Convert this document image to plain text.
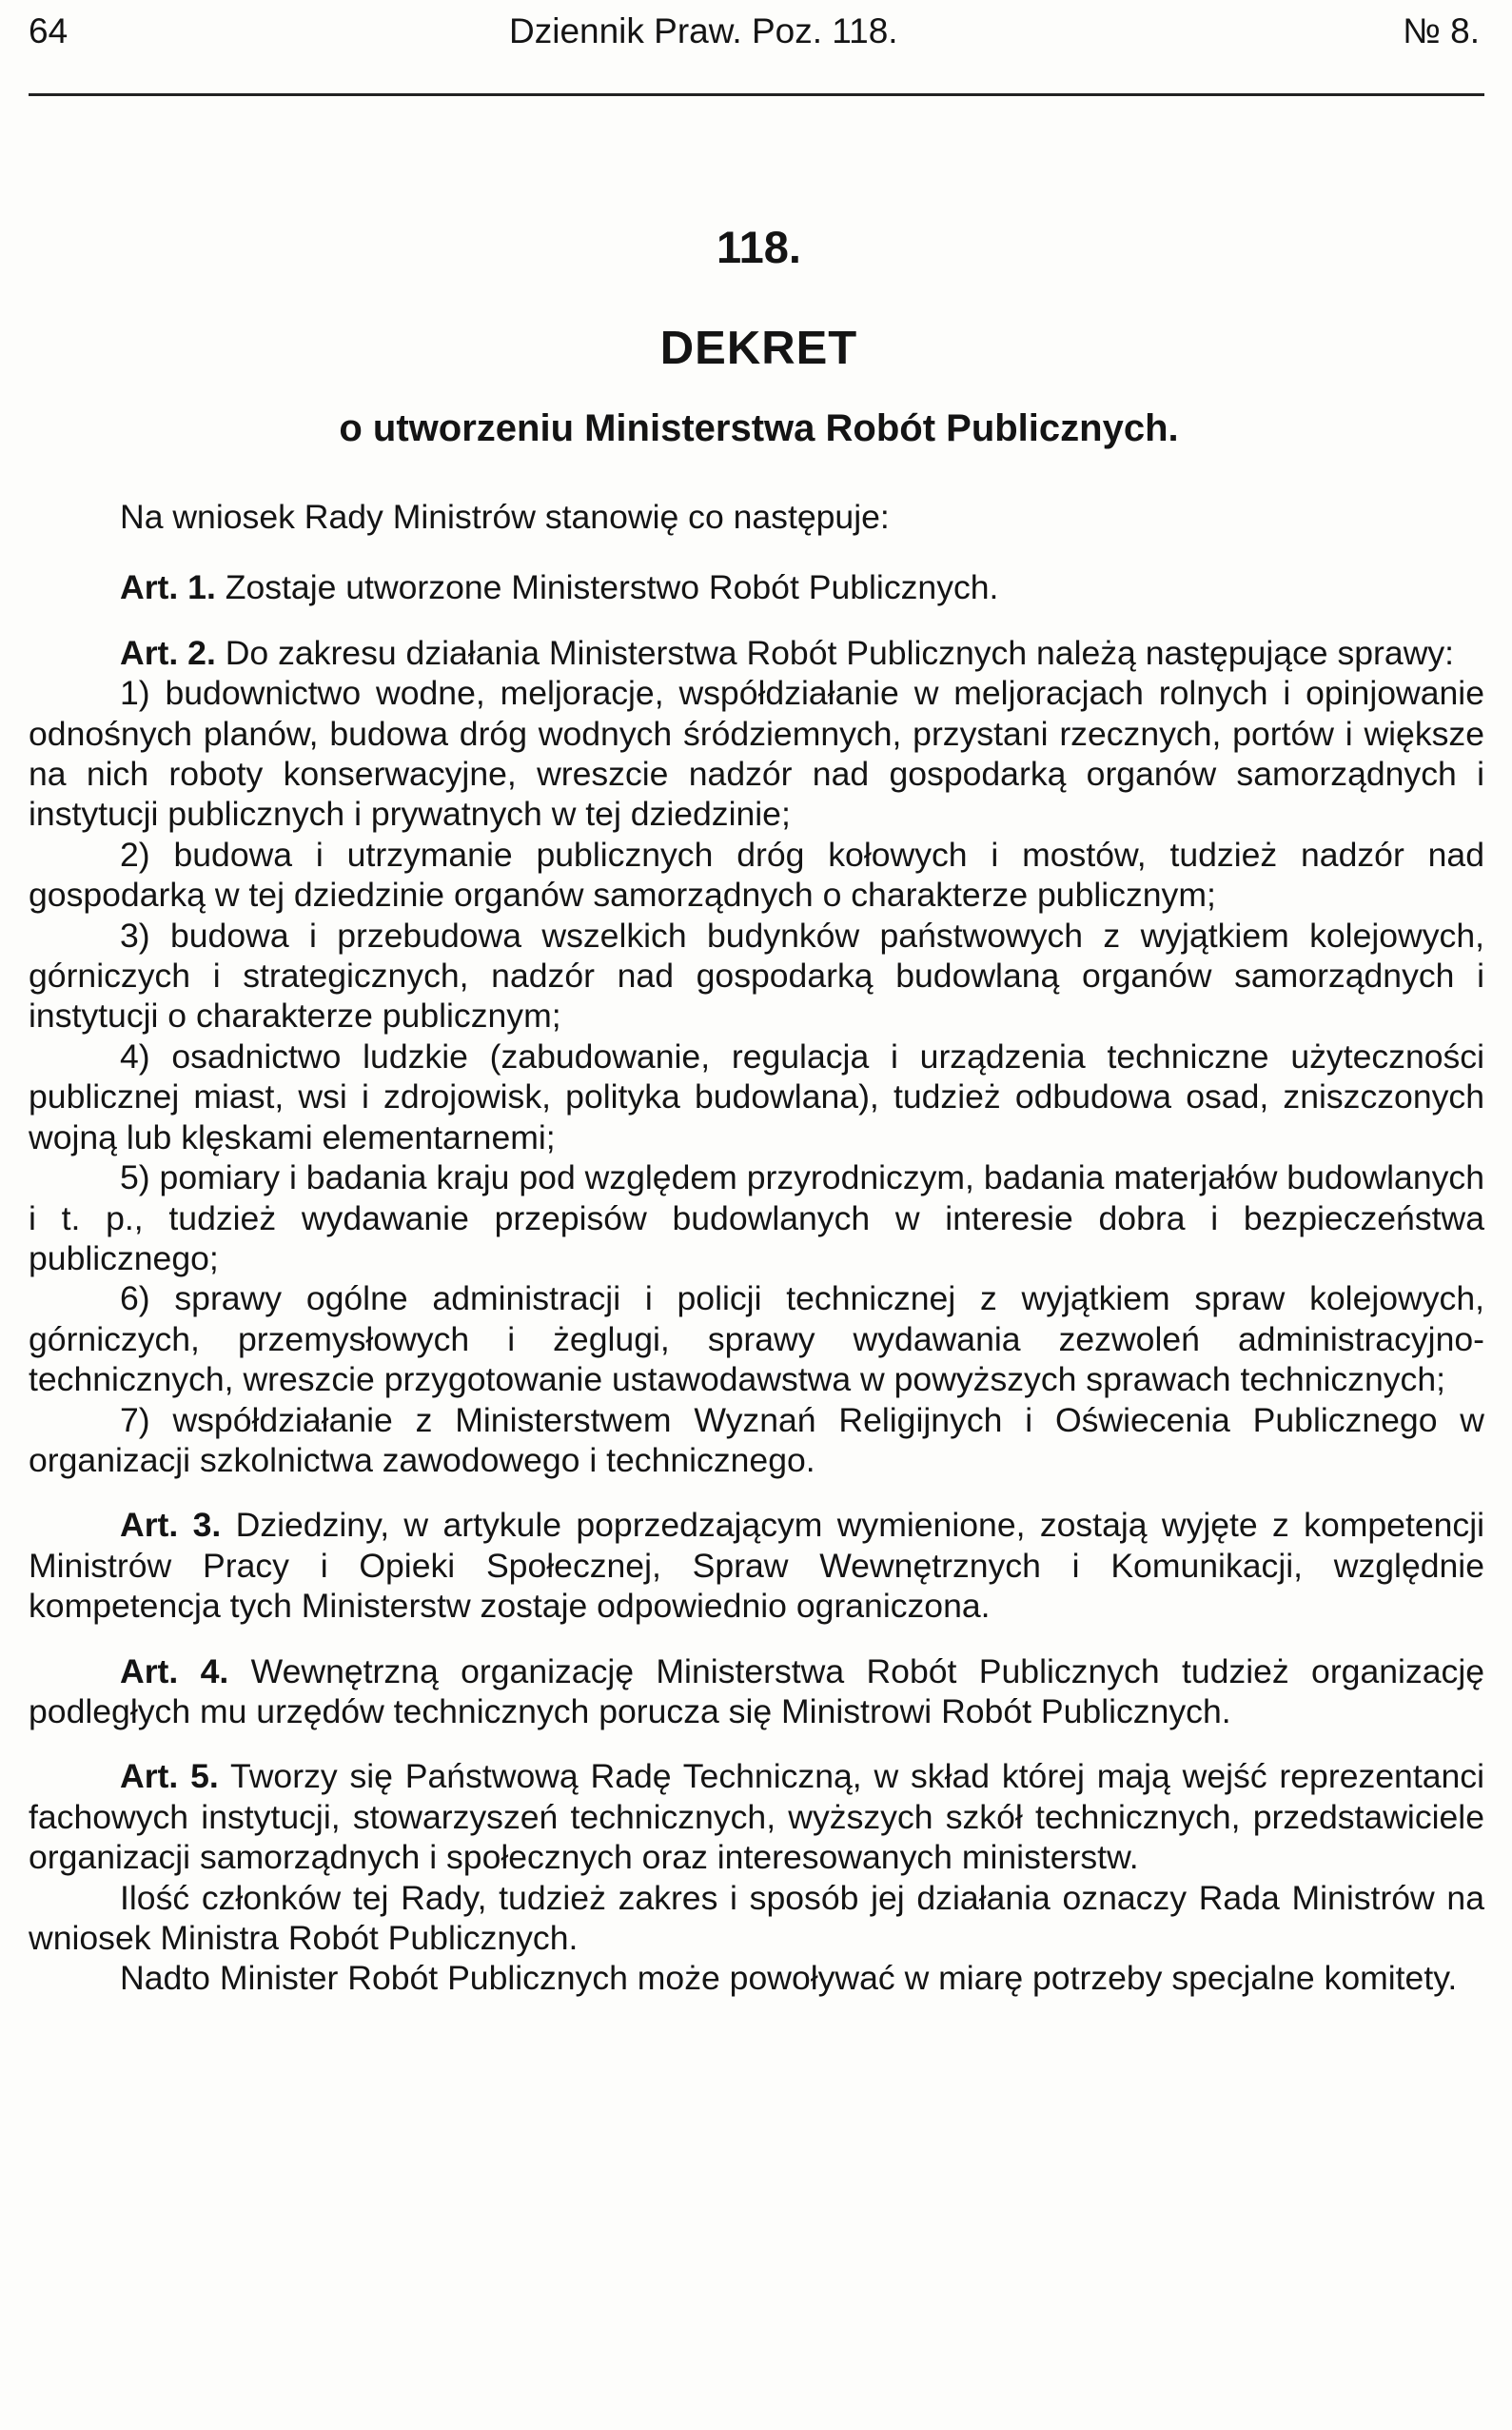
64	Dziennik Praw. Poz. 118.	№ 8.
118.
DEKRET
o utworzeniu Ministerstwa Robót Publicznych.

Na wniosek Rady Ministrów stanowię co następuje:

Art. 1. Zostaje utworzone Ministerstwo Robót Publicznych.

Art. 2. Do zakresu działania Ministerstwa Robót Publicznych należą następujące sprawy:

1) budownictwo wodne, meljoracje, współdziałanie w meljoracjach rolnych i opinjowanie odnośnych planów, budowa dróg wodnych śródziemnych, przystani rzecznych, portów i większe na nich roboty konserwacyjne, wreszcie nadzór nad gospodarką organów samorządnych i instytucji publicznych i prywatnych w tej dziedzinie;

2) budowa i utrzymanie publicznych dróg kołowych i mostów, tudzież nadzór nad gospodarką w tej dziedzinie organów samorządnych o charakterze publicznym;

3) budowa i przebudowa wszelkich budynków państwowych z wyjątkiem kolejowych, górniczych i strategicznych, nadzór nad gospodarką budowlaną organów samorządnych i instytucji o charakterze publicznym;

4) osadnictwo ludzkie (zabudowanie, regulacja i urządzenia techniczne użyteczności publicznej miast, wsi i zdrojowisk, polityka budowlana), tudzież odbudowa osad, zniszczonych wojną lub klęskami elementarnemi;

5) pomiary i badania kraju pod względem przyrodniczym, badania materjałów budowlanych i t. p., tudzież wydawanie przepisów budowlanych w interesie dobra i bezpieczeństwa publicznego;

6) sprawy ogólne administracji i policji technicznej z wyjątkiem spraw kolejowych, górniczych, przemysłowych i żeglugi, sprawy wydawania zezwoleń administracyjno-technicznych, wreszcie przygotowanie ustawodawstwa w powyższych sprawach technicznych;

7) współdziałanie z Ministerstwem Wyznań Religijnych i Oświecenia Publicznego w organizacji szkolnictwa zawodowego i technicznego.

Art. 3. Dziedziny, w artykule poprzedzającym wymienione, zostają wyjęte z kompetencji Ministrów Pracy i Opieki Społecznej, Spraw Wewnętrznych i Komunikacji, względnie kompetencja tych Ministerstw zostaje odpowiednio ograniczona.

Art. 4. Wewnętrzną organizację Ministerstwa Robót Publicznych tudzież organizację podległych mu urzędów technicznych porucza się Ministrowi Robót Publicznych.

Art. 5. Tworzy się Państwową Radę Techniczną, w skład której mają wejść reprezentanci fachowych instytucji, stowarzyszeń technicznych, wyższych szkół technicznych, przedstawiciele organizacji samorządnych i społecznych oraz interesowanych ministerstw.

Ilość członków tej Rady, tudzież zakres i sposób jej działania oznaczy Rada Ministrów na wniosek Ministra Robót Publicznych.

Nadto Minister Robót Publicznych może powoływać w miarę potrzeby specjalne komitety.
